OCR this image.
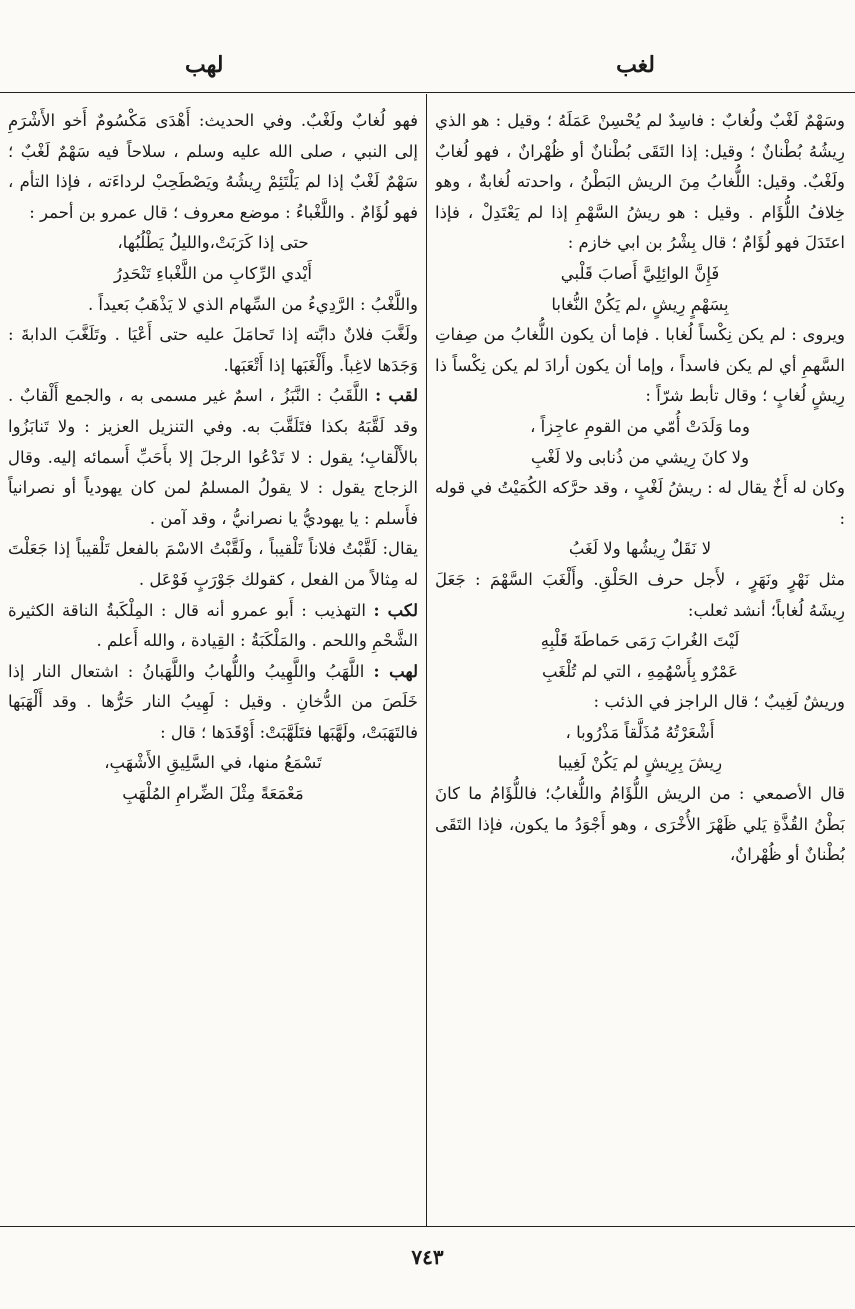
لغب
لهب

وسَهْمٌ لَغْبٌ ولُغابٌ : فاسِدٌ لم يُحْسِنْ عَمَلَهُ ؛ وقيل : هو الذي رِيشُهُ بُطْنانٌ ؛ وقيل: إذا التَقَى بُطْنانٌ أو ظُهْرانٌ ، فهو لُغابٌ ولَغْبٌ. وقيل: اللُّغابُ مِنَ الريش البَطْنُ ، واحدته لُغابةٌ ، وهو خِلافُ اللُّؤَام . وقيل : هو ريشُ السَّهْمِ إذا لم يَعْتَدِلْ ، فإذا اعتَدَلَ فهو لُؤَامٌ ؛ قال بِشْرُ بن ابي خازم :

فَإِنَّ الوائِلِيَّ أَصابَ قَلْبي

بِسَهْمٍ رِيشٍ ،لم يَكُنْ النُّغابا

ويروى : لم يكن نِكْساً لُغابا . فإما أن يكون اللُّغابُ من صِفاتِ السَّهمِ أي لم يكن فاسداً ، وإما أن يكون أرادَ لم يكن نِكْساً ذا رِيشٍ لُغابٍ ؛ وقال تأبط شرّاً :

وما وَلَدَتْ أُمّي من القومِ عاجِزاً ،

ولا كانَ رِيشي من ذُنابى ولا لَغْبِ

وكان له أَخٌ يقال له : ريشُ لَغْبٍ ، وقد حرَّكه الكُمَيْتُ في قوله :

لا نَقَلٌ رِيشُها ولا لَغَبُ

مثل نَهْرٍ ونَهَرٍ ، لأَجل حرف الحَلْقِ. وأَلْغَبَ السَّهْمَ : جَعَلَ رِيشَهُ لُغاباً؛ أنشد ثعلب:

لَيْتَ الغُرابَ رَمَى حَماطَةَ قَلْبِهِ

عَمْرٌو بِأَسْهُمِهِ ، التي لم تُلْغَبِ

وريشٌ لَغِيبٌ ؛ قال الراجز في الذئب :

أَشْعَرْتُهُ مُذَلَّقاً مَذْرُوبا ،

رِيشَ بِرِيشٍ لم يَكُنْ لَغِيبا

قال الأصمعي : من الريش اللُّؤَامُ واللُّغابُ؛ فاللُّؤَامُ ما كانَ بَطْنُ القُذَّةِ يَلي ظَهْرَ الأُخْرَى ، وهو أَجْوَدُ ما يكون، فإذا التَقَى بُطْنانٌ أو ظُهْرانٌ،

فهو لُغابٌ ولَغْبٌ. وفي الحديث: أَهْدَى مَكْسُومٌ أَخو الأَشْرَمِ إلى النبي ، صلى الله عليه وسلم ، سلاحاً فيه سَهْمٌ لَغْبٌ ؛ سَهْمٌ لَغْبٌ إذا لم يَلْتَئِمْ رِيشُهُ ويَصْطَحِبْ لرداءَته ، فإذا التأم ، فهو لُؤَامٌ . واللَّغْباءُ : موضع معروف ؛ قال عمرو بن أحمر :

حتى إذا كَرَبَتْ،والليلُ يَطْلُبُها،

أَيْدي الرِّكابِ من اللَّغْباءِ تَنْحَدِرُ

واللَّغْبُ : الرَّدِيءُ من السِّهام الذي لا يَذْهَبُ بَعيداً .

ولَغَّبَ فلانٌ دابَّته إذا تَحامَلَ عليه حتى أَعْيَا . وتَلَغَّبَ الدابةَ : وَجَدَها لاغِباً. وأَلْغَبَها إذا أَتْعَبَها.

لقب : اللَّقَبُ : النَّبَزُ ، اسمٌ غير مسمى به ، والجمع أَلْقابٌ . وقد لَقَّبَهُ بكذا فتَلَقَّبَ به. وفي التنزيل العزيز : ولا تَنابَزُوا بالأَلْقابِ؛ يقول : لا تَدْعُوا الرجلَ إلا بأَحَبِّ أَسمائه إليه. وقال الزجاج يقول : لا يقولُ المسلمُ لمن كان يهودياً أو نصرانياً فأَسلم : يا يهوديُّ يا نصرانيُّ ، وقد آمن .

يقال: لَقَّبْتُ فلاناً تَلْقيباً ، ولَقَّبْتُ الاسْمَ بالفعل تَلْقيباً إذا جَعَلْتَ له مِثالاً من الفعل ، كقولك جَوْرَبٍ فَوْعَل .

لكب : التهذيب : أَبو عمرو أنه قال : المِلْكَبةُ الناقة الكثيرة الشَّحْمِ واللحم . والمَلْكَبَةُ : القِيادة ، والله أَعلم .

لهب : اللَّهَبُ واللَّهِيبُ واللُّهابُ واللَّهَبانُ : اشتعال النار إذا خَلَصَ من الدُّخانِ . وقيل : لَهِيبُ النار حَرُّها . وقد أَلْهَبَها فالتَهَبَتْ، ولَهَّبَها فتَلَهَّبَتْ: أَوْقَدَها ؛ قال :

تَسْمَعُ منها، في السَّلِيقِ الأَشْهَبِ،

مَعْمَعَةً مِثْلَ الضِّرامِ المُلْهَبِ

٧٤٣
